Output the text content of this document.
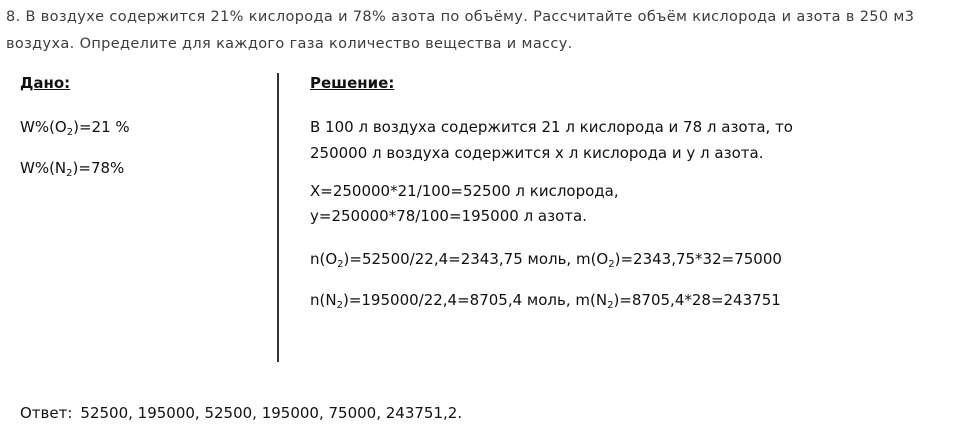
8. В воздухе содержится 21% кислорода и 78% азота по объёму. Рассчитайте объём кислорода и азота в 250 м3 воздуха. Определите для каждого газа количество вещества и массу.
Дано:
$W\%(O_2)=21$ %
$W\%(N_2)=78\%$
Решение:
В 100 л воздуха содержится 21 л кислорода и 78 л азота, то
250000 л воздуха содержится х л кислорода и у л азота.
Х=250000*21/100=52500 л кислорода,
у=250000*78/100=195000 л азота.
$n(O_2)=52500/22,4=2343,75$ моль, $m(O_2)=2343,75*32=75000$
$n(N_2)=195000/22,4=8705,4$ моль, $m(N_2)=8705,4*28=243751$
Ответ: 52500, 195000, 52500, 195000, 75000, 243751,2.
